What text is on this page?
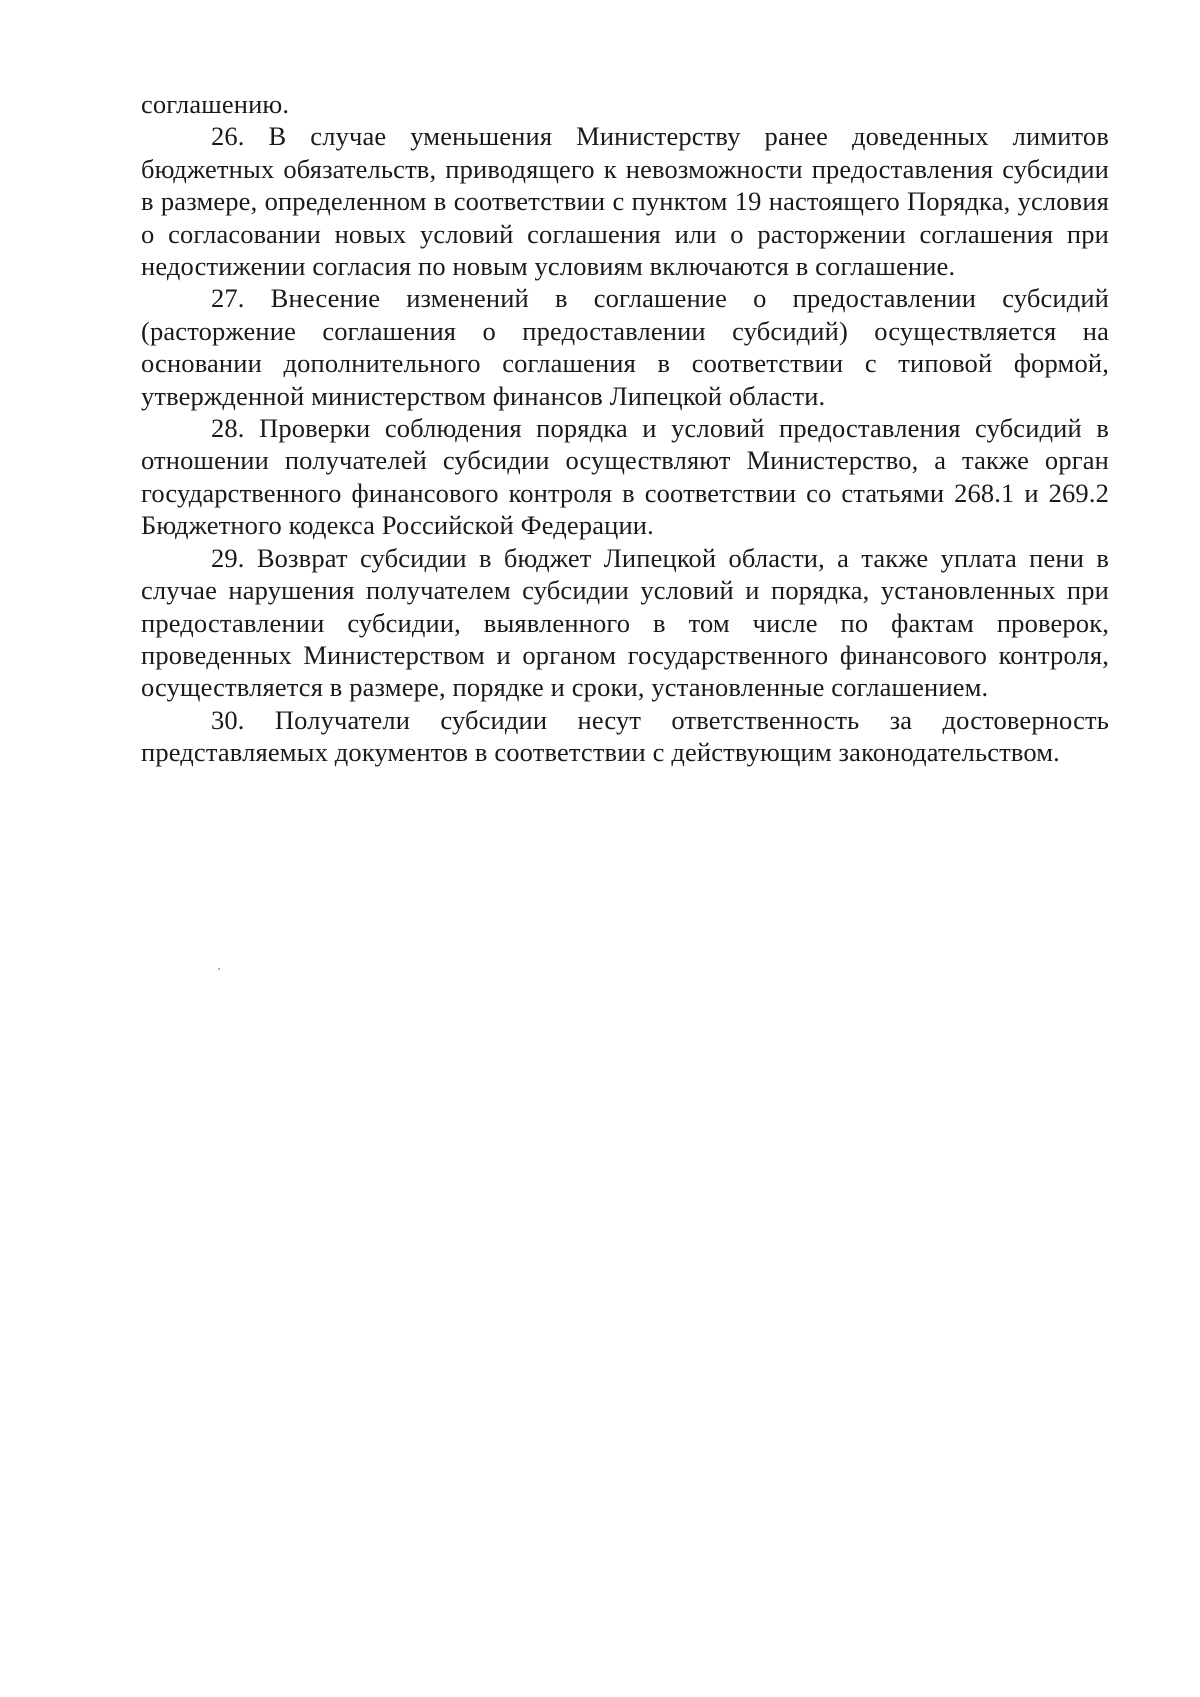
соглашению.

26. В случае уменьшения Министерству ранее доведенных лимитов бюджетных обязательств, приводящего к невозможности предоставления субсидии в размере, определенном в соответствии с пунктом 19 настоящего Порядка, условия о согласовании новых условий соглашения или о расторжении соглашения при недостижении согласия по новым условиям включаются в соглашение.

27. Внесение изменений в соглашение о предоставлении субсидий (расторжение соглашения о предоставлении субсидий) осуществляется на основании дополнительного соглашения в соответствии с типовой формой, утвержденной министерством финансов Липецкой области.

28. Проверки соблюдения порядка и условий предоставления субсидий в отношении получателей субсидии осуществляют Министерство, а также орган государственного финансового контроля в соответствии со статьями 268.1 и 269.2 Бюджетного кодекса Российской Федерации.

29. Возврат субсидии в бюджет Липецкой области, а также уплата пени в случае нарушения получателем субсидии условий и порядка, установленных при предоставлении субсидии, выявленного в том числе по фактам проверок, проведенных Министерством и органом государственного финансового контроля, осуществляется в размере, порядке и сроки, установленные соглашением.

30. Получатели субсидии несут ответственность за достоверность представляемых документов в соответствии с действующим законодательством.
